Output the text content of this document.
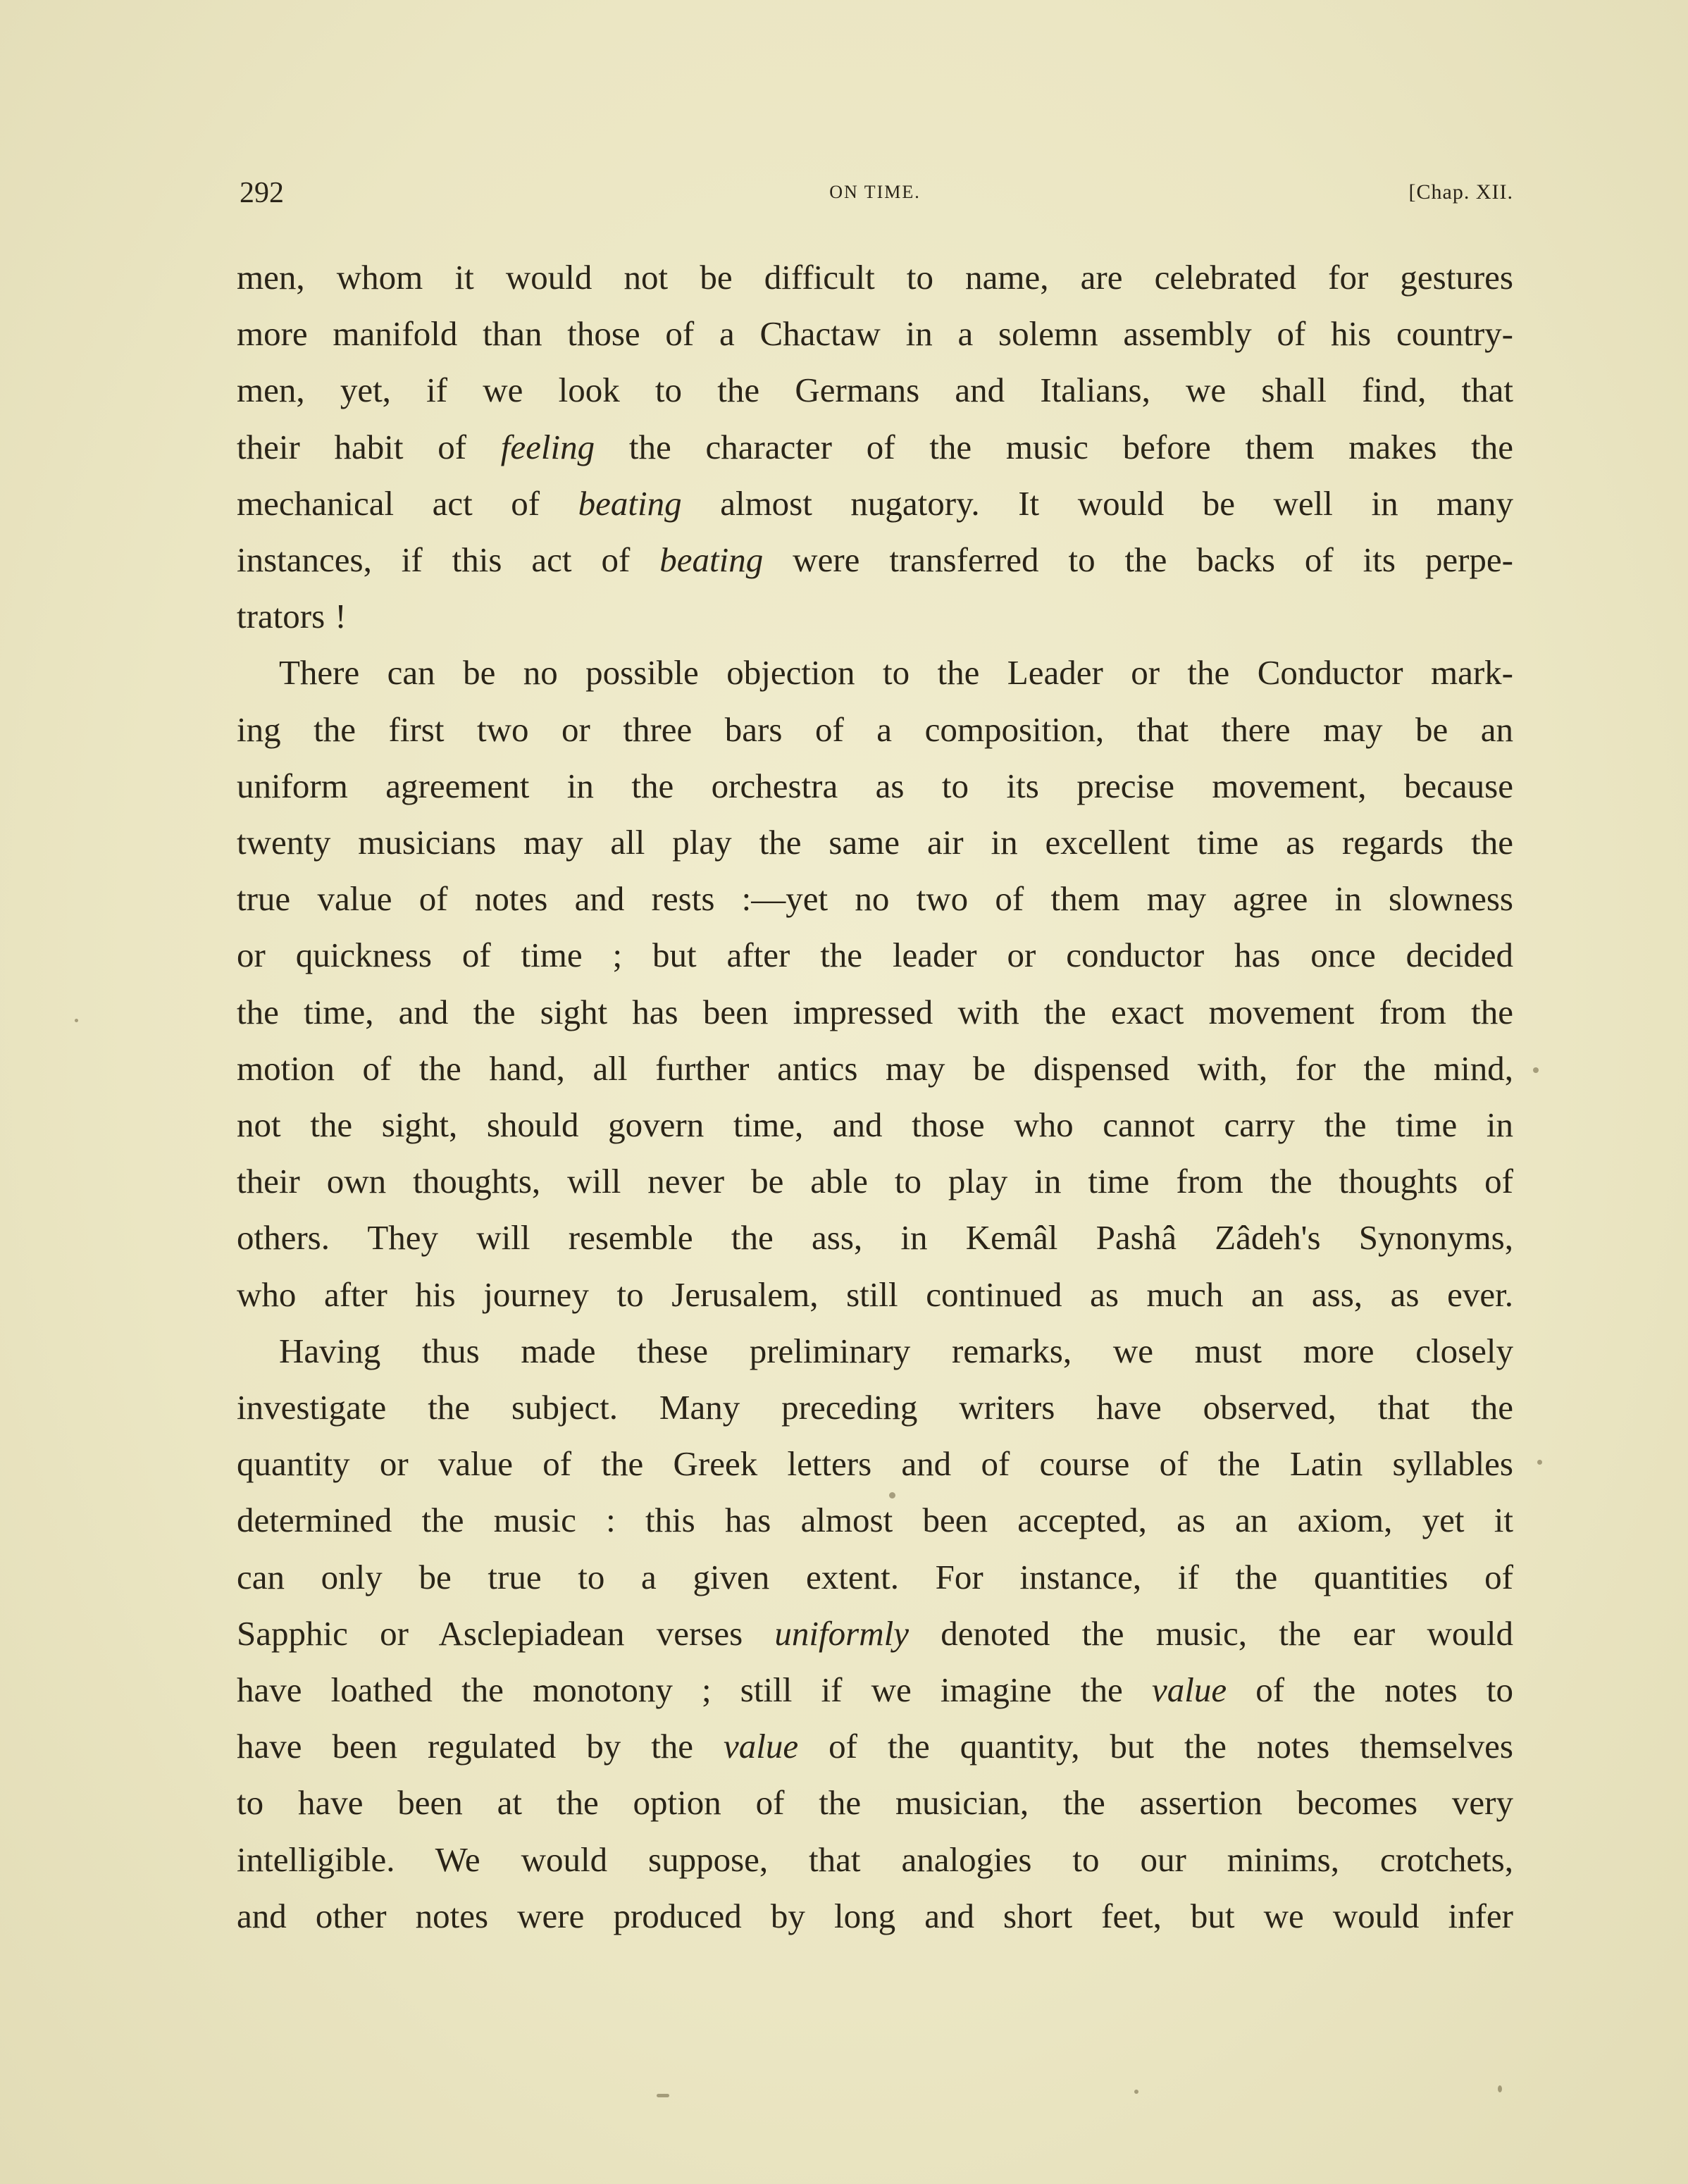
292	ON TIME.	[Chap. XII.
men, whom it would not be difficult to name, are celebrated for gestures
more manifold than those of a Chactaw in a solemn assembly of his country-
men, yet, if we look to the Germans and Italians, we shall find, that
their habit of feeling the character of the music before them makes the
mechanical act of beating almost nugatory. It would be well in many
instances, if this act of beating were transferred to the backs of its perpe-
trators !
There can be no possible objection to the Leader or the Conductor mark-
ing the first two or three bars of a composition, that there may be an
uniform agreement in the orchestra as to its precise movement, because
twenty musicians may all play the same air in excellent time as regards the
true value of notes and rests :—yet no two of them may agree in slowness
or quickness of time ; but after the leader or conductor has once decided
the time, and the sight has been impressed with the exact movement from the
motion of the hand, all further antics may be dispensed with, for the mind,
not the sight, should govern time, and those who cannot carry the time in
their own thoughts, will never be able to play in time from the thoughts of
others. They will resemble the ass, in Kemâl Pashâ Zâdeh's Synonyms,
who after his journey to Jerusalem, still continued as much an ass, as ever.
Having thus made these preliminary remarks, we must more closely
investigate the subject. Many preceding writers have observed, that the
quantity or value of the Greek letters and of course of the Latin syllables
determined the music : this has almost been accepted, as an axiom, yet it
can only be true to a given extent. For instance, if the quantities of
Sapphic or Asclepiadean verses uniformly denoted the music, the ear would
have loathed the monotony ; still if we imagine the value of the notes to
have been regulated by the value of the quantity, but the notes themselves
to have been at the option of the musician, the assertion becomes very
intelligible. We would suppose, that analogies to our minims, crotchets,
and other notes were produced by long and short feet, but we would infer
